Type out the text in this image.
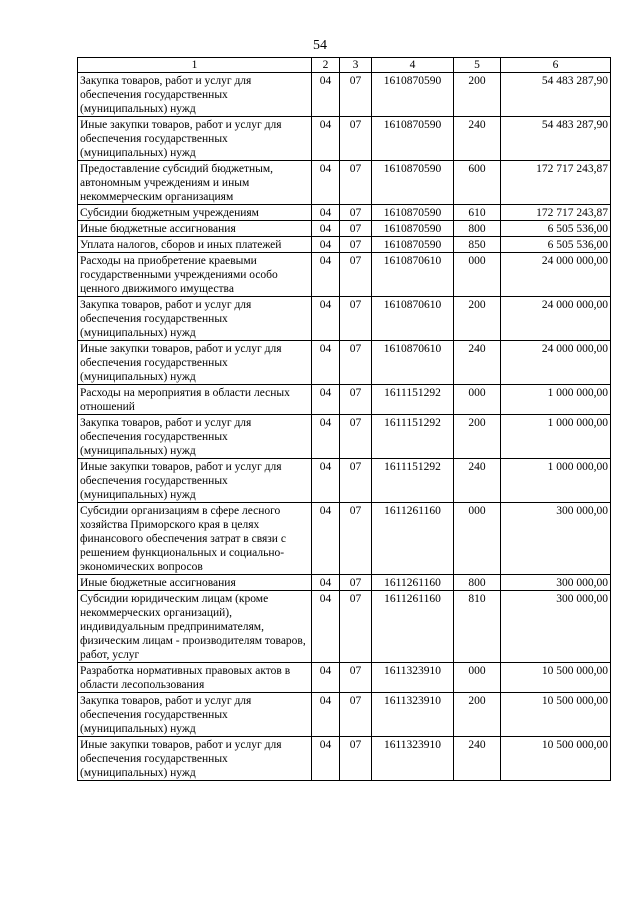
54
1	2	3	4	5	6
Закупка товаров, работ и услуг для обеспечения государственных (муниципальных) нужд	04	07	1610870590	200	54 483 287,90
Иные закупки товаров, работ и услуг для обеспечения государственных (муниципальных) нужд	04	07	1610870590	240	54 483 287,90
Предоставление субсидий бюджетным, автономным учреждениям и иным некоммерческим организациям	04	07	1610870590	600	172 717 243,87
Субсидии бюджетным учреждениям	04	07	1610870590	610	172 717 243,87
Иные бюджетные ассигнования	04	07	1610870590	800	6 505 536,00
Уплата налогов, сборов и иных платежей	04	07	1610870590	850	6 505 536,00
Расходы на приобретение краевыми государственными учреждениями особо ценного движимого имущества	04	07	1610870610	000	24 000 000,00
Закупка товаров, работ и услуг для обеспечения государственных (муниципальных) нужд	04	07	1610870610	200	24 000 000,00
Иные закупки товаров, работ и услуг для обеспечения государственных (муниципальных) нужд	04	07	1610870610	240	24 000 000,00
Расходы на мероприятия в области лесных отношений	04	07	1611151292	000	1 000 000,00
Закупка товаров, работ и услуг для обеспечения государственных (муниципальных) нужд	04	07	1611151292	200	1 000 000,00
Иные закупки товаров, работ и услуг для обеспечения государственных (муниципальных) нужд	04	07	1611151292	240	1 000 000,00
Субсидии организациям в сфере лесного хозяйства Приморского края в целях финансового обеспечения затрат в связи с решением функциональных и социально-экономических вопросов	04	07	1611261160	000	300 000,00
Иные бюджетные ассигнования	04	07	1611261160	800	300 000,00
Субсидии юридическим лицам (кроме некоммерческих организаций), индивидуальным предпринимателям, физическим лицам - производителям товаров, работ, услуг	04	07	1611261160	810	300 000,00
Разработка нормативных правовых актов в области лесопользования	04	07	1611323910	000	10 500 000,00
Закупка товаров, работ и услуг для обеспечения государственных (муниципальных) нужд	04	07	1611323910	200	10 500 000,00
Иные закупки товаров, работ и услуг для обеспечения государственных (муниципальных) нужд	04	07	1611323910	240	10 500 000,00
